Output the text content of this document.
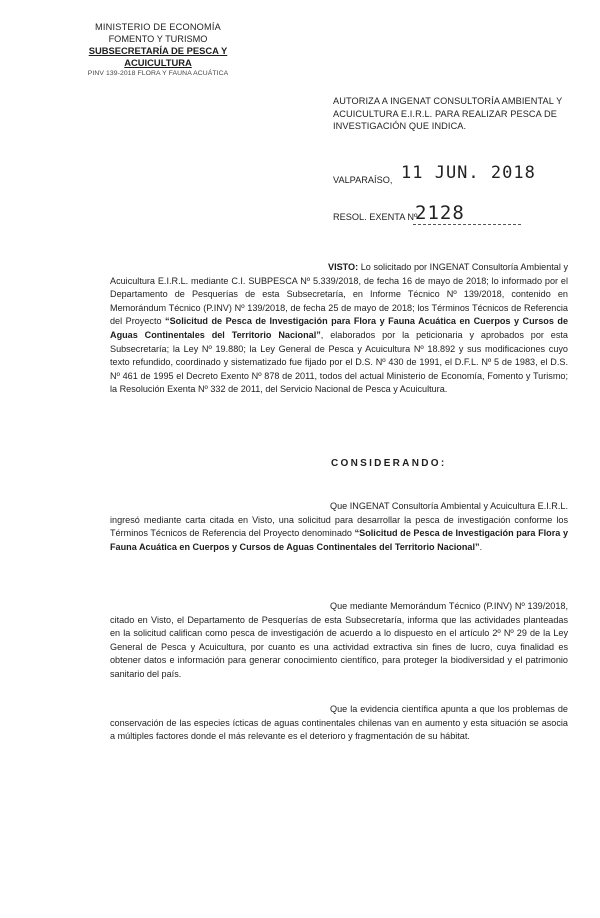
MINISTERIO DE ECONOMÍA
FOMENTO Y TURISMO
SUBSECRETARÍA DE PESCA Y ACUICULTURA
PINV 139-2018 FLORA Y FAUNA ACUÁTICA
AUTORIZA A INGENAT CONSULTORÍA AMBIENTAL Y ACUICULTURA E.I.R.L. PARA REALIZAR PESCA DE INVESTIGACIÓN QUE INDICA.
VALPARAÍSO, 11 JUN. 2018
RESOL. EXENTA Nº
2128
VISTO: Lo solicitado por INGENAT Consultoría Ambiental y Acuicultura E.I.R.L. mediante C.I. SUBPESCA Nº 5.339/2018, de fecha 16 de mayo de 2018; lo informado por el Departamento de Pesquerías de esta Subsecretaría, en Informe Técnico Nº 139/2018, contenido en Memorándum Técnico (P.INV) Nº 139/2018, de fecha 25 de mayo de 2018; los Términos Técnicos de Referencia del Proyecto “Solicitud de Pesca de Investigación para Flora y Fauna Acuática en Cuerpos y Cursos de Aguas Continentales del Territorio Nacional”, elaborados por la peticionaria y aprobados por esta Subsecretaría; la Ley Nº 19.880; la Ley General de Pesca y Acuicultura Nº 18.892 y sus modificaciones cuyo texto refundido, coordinado y sistematizado fue fijado por el D.S. Nº 430 de 1991, el D.F.L. Nº 5 de 1983, el D.S. Nº 461 de 1995 el Decreto Exento Nº 878 de 2011, todos del actual Ministerio de Economía, Fomento y Turismo; la Resolución Exenta Nº 332 de 2011, del Servicio Nacional de Pesca y Acuicultura.
CONSIDERANDO:
Que INGENAT Consultoría Ambiental y Acuicultura E.I.R.L. ingresó mediante carta citada en Visto, una solicitud para desarrollar la pesca de investigación conforme los Términos Técnicos de Referencia del Proyecto denominado “Solicitud de Pesca de Investigación para Flora y Fauna Acuática en Cuerpos y Cursos de Aguas Continentales del Territorio Nacional”.
Que mediante Memorándum Técnico (P.INV) Nº 139/2018, citado en Visto, el Departamento de Pesquerías de esta Subsecretaría, informa que las actividades planteadas en la solicitud califican como pesca de investigación de acuerdo a lo dispuesto en el artículo 2º Nº 29 de la Ley General de Pesca y Acuicultura, por cuanto es una actividad extractiva sin fines de lucro, cuya finalidad es obtener datos e información para generar conocimiento científico, para proteger la biodiversidad y el patrimonio sanitario del país.
Que la evidencia científica apunta a que los problemas de conservación de las especies ícticas de aguas continentales chilenas van en aumento y esta situación se asocia a múltiples factores donde el más relevante es el deterioro y fragmentación de su hábitat.
